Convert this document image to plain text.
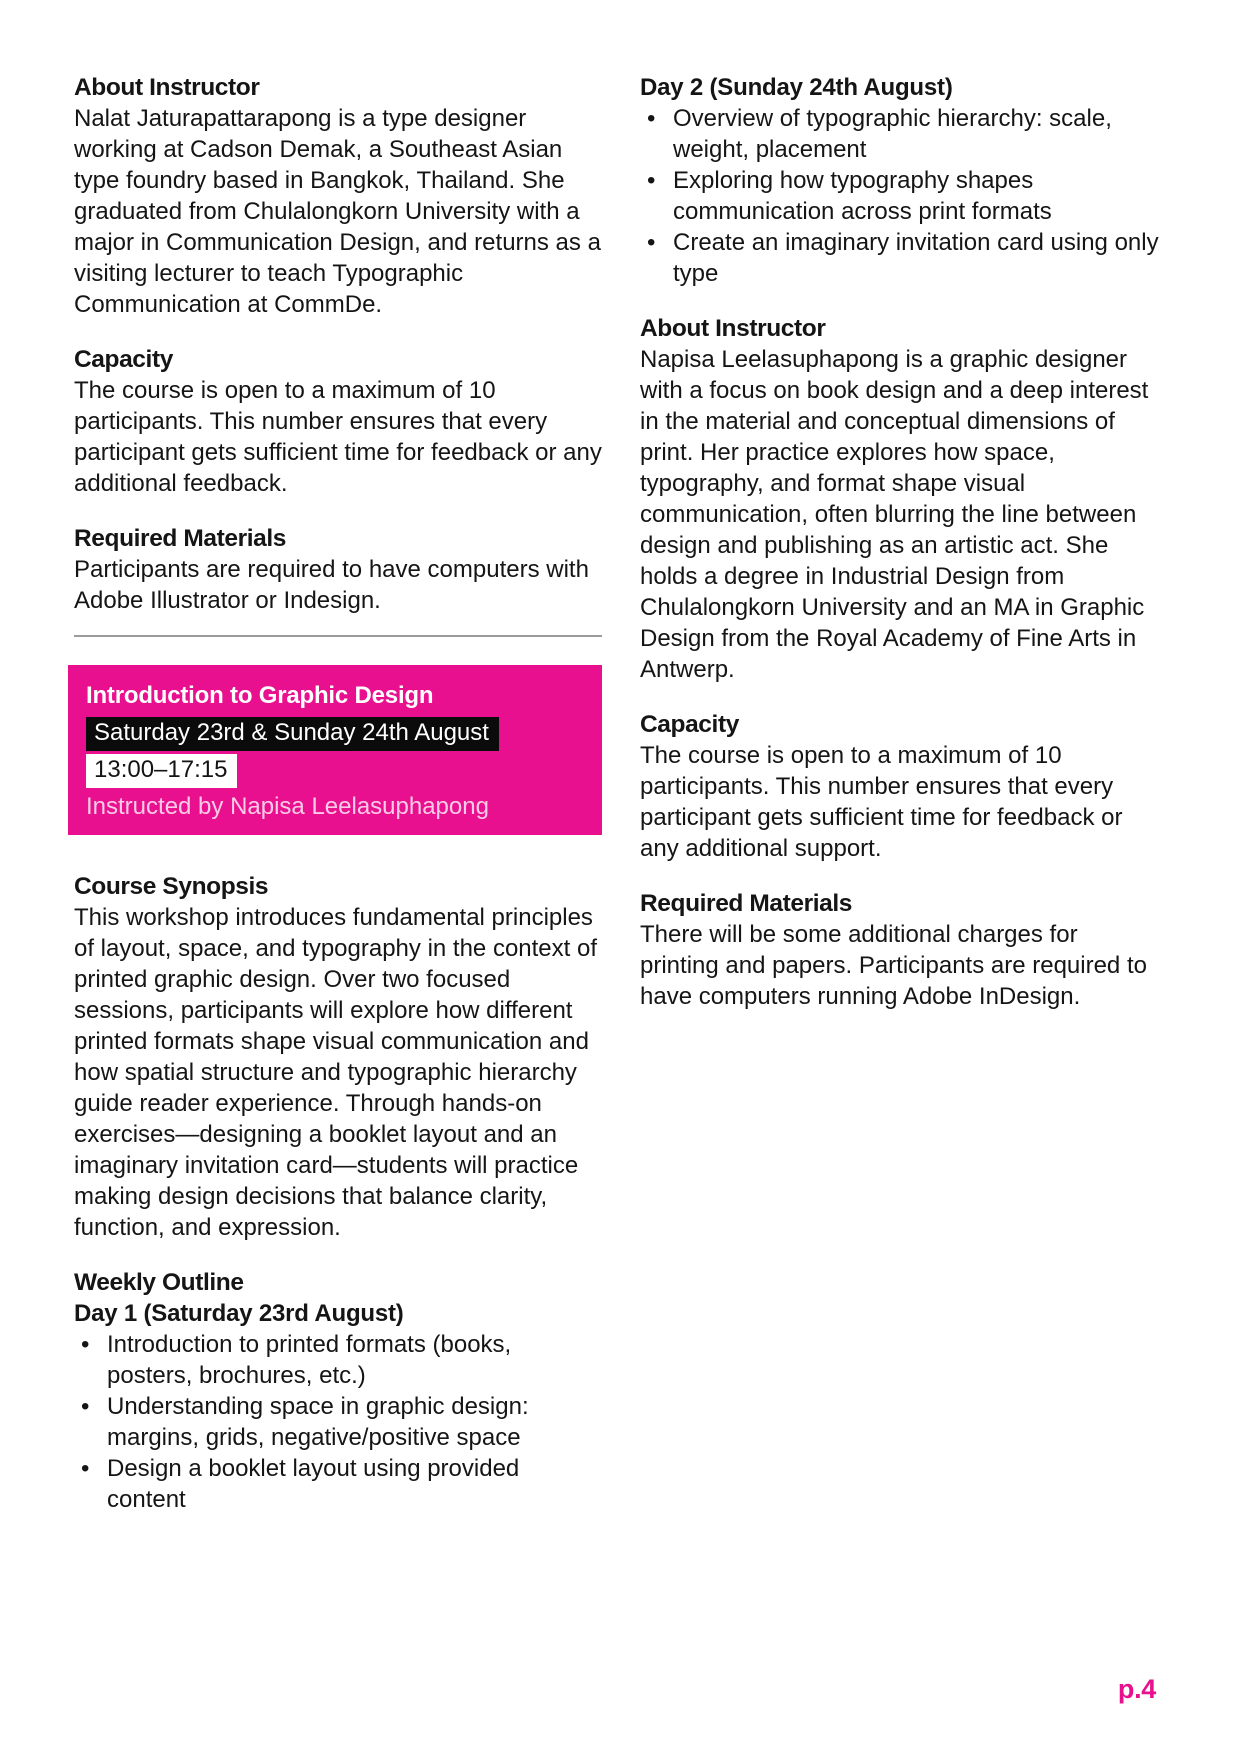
About Instructor

Nalat Jaturapattarapong is a type designer working at Cadson Demak, a Southeast Asian type foundry based in Bangkok, Thailand. She graduated from Chulalongkorn University with a major in Communication Design, and returns as a visiting lecturer to teach Typographic Communication at CommDe.

Capacity

The course is open to a maximum of 10 participants. This number ensures that every participant gets sufficient time for feedback or any additional feedback.

Required Materials

Participants are required to have computers with Adobe Illustrator or Indesign.

Introduction to Graphic Design
Saturday 23rd & Sunday 24th August
13:00–17:15
Instructed by Napisa Leelasuphapong
Course Synopsis

This workshop introduces fundamental principles of layout, space, and typography in the context of printed graphic design. Over two focused sessions, participants will explore how different printed formats shape visual communication and how spatial structure and typographic hierarchy guide reader experience. Through hands-on exercises—designing a booklet layout and an imaginary invitation card—students will practice making design decisions that balance clarity, function, and expression.

Weekly Outline
Day 1 (Saturday 23rd August)
• Introduction to printed formats (books, posters, brochures, etc.)
• Understanding space in graphic design: margins, grids, negative/positive space
• Design a booklet layout using provided content
Day 2 (Sunday 24th August)
• Overview of typographic hierarchy: scale, weight, placement
• Exploring how typography shapes communication across print formats
• Create an imaginary invitation card using only type
About Instructor

Napisa Leelasuphapong is a graphic designer with a focus on book design and a deep interest in the material and conceptual dimensions of print. Her practice explores how space, typography, and format shape visual communication, often blurring the line between design and publishing as an artistic act. She holds a degree in Industrial Design from Chulalongkorn University and an MA in Graphic Design from the Royal Academy of Fine Arts in Antwerp.

Capacity

The course is open to a maximum of 10 participants. This number ensures that every participant gets sufficient time for feedback or any additional support.

Required Materials

There will be some additional charges for printing and papers. Participants are required to have computers running Adobe InDesign.

p.4
